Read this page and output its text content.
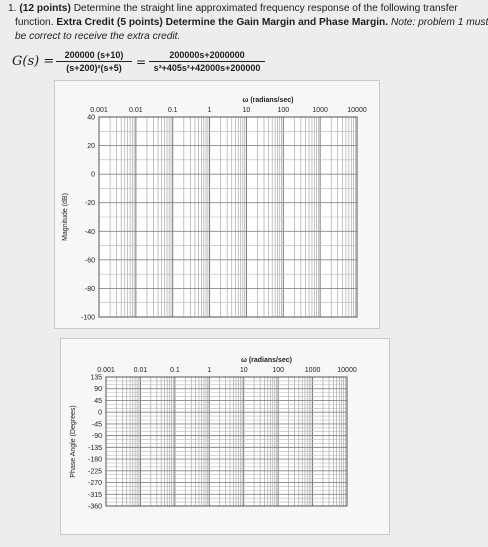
1. (12 points) Determine the straight line approximated frequency response of the following transfer
function. Extra Credit (5 points) Determine the Gain Margin and Phase Margin. Note: problem 1 must
be correct to receive the extra credit.
$G(s) = \frac{200000 (s+10)}{\text{(s+200)²(s+5)}} = \frac{200000s+2000000}{\text{s³+405s²+42000s+200000}}$
0.001	0.01	0.1	1	10	100	1000	10000
ω (radians/sec)
40
20
0
-20
-40
-60
-80
-100
Magnitude (dB)
0.001	0.01	0.1	1	10	100	1000 10000
ω (radians/sec)
135
90
45
0
-45
-90
-135
-180
-225
-270
-315
-360
Phase Angle (Degrees)
